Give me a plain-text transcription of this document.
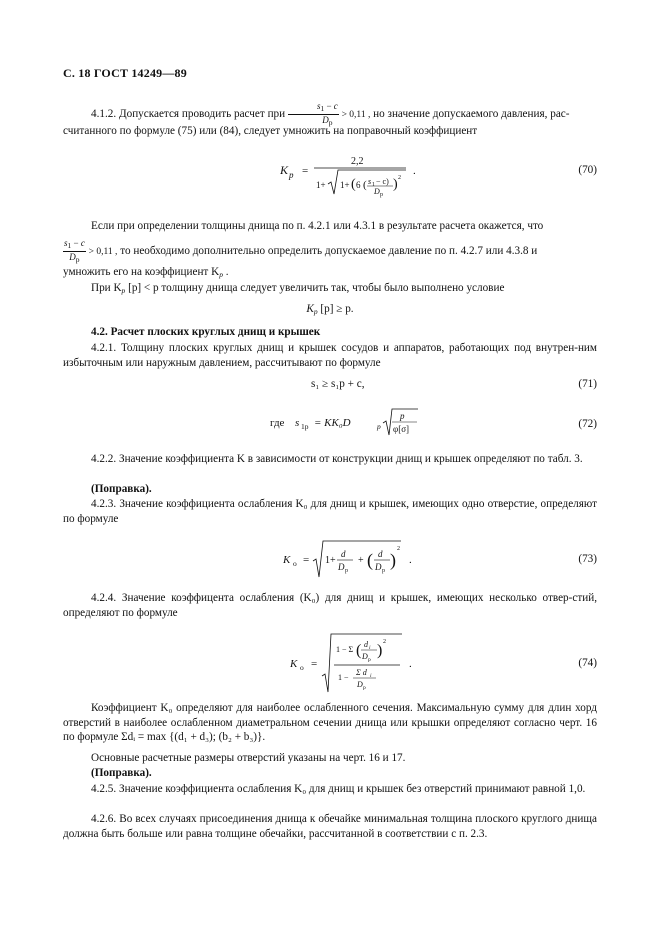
С. 18 ГОСТ 14249—89

4.1.2. Допускается проводить расчет при $\frac{s_1 - c}{D_р} > 0,11$ , но значение допускаемого давления, рас-

считанного по формуле (75) или (84), следует умножить на поправочный коэффициент

K p =
2,2
1+ 1+ ( 6 ( s 1 − c)
D р
) 2
.	(70)

Если при определении толщины днища по п. 4.2.1 или 4.3.1 в результате расчета окажется, что

$\frac{s_1 - c}{D_р} > 0,11$ , то необходимо дополнительно определить допускаемое давление по п. 4.2.7 или 4.3.8 и

умножить его на коэффициент $K_p$ .

При $K_p$ [p] < p толщину днища следует увеличить так, чтобы было выполнено условие

$K_p$ [p] ≥ p.

4.2. Расчет плоских круглых днищ и крышек

4.2.1. Толщину плоских круглых днищ и крышек сосудов и аппаратов, работающих под внутрен-ним избыточным или наружным давлением, рассчитывают по формуле

s₁ ≥ s₁р + c,	(71)
где s 1р = KK₀D	p
p
φ[σ]	(72)

4.2.2. Значение коэффициента K в зависимости от конструкции днищ и крышек определяют по табл. 3.

(Поправка).

4.2.3. Значение коэффициента ослабления K₀ для днищ и крышек, имеющих одно отверстие, определяют по формуле

K о = 1+
d
D р
+ ( d
D р
)
2
.	(73)

4.2.4. Значение коэффицента ослабления (K₀) для днищ и крышек, имеющих несколько отвер-стий, определяют по формуле

K о =
1 − Σ ( d i
D р
) 2
1 −
Σ d i
D р
.	(74)

Коэффициент K₀ определяют для наиболее ослабленного сечения. Максимальную сумму для длин хорд отверстий в наиболее ослабленном диаметральном сечении днища или крышки определяют согласно черт. 16 по формуле Σdᵢ = max {(d₁ + d₃); (b₂ + b₃)}.

Основные расчетные размеры отверстий указаны на черт. 16 и 17.

(Поправка).

4.2.5. Значение коэффициента ослабления K₀ для днищ и крышек без отверстий принимают равной 1,0.

4.2.6. Во всех случаях присоединения днища к обечайке минимальная толщина плоского круглого днища должна быть больше или равна толщине обечайки, рассчитанной в соответствии с п. 2.3.
